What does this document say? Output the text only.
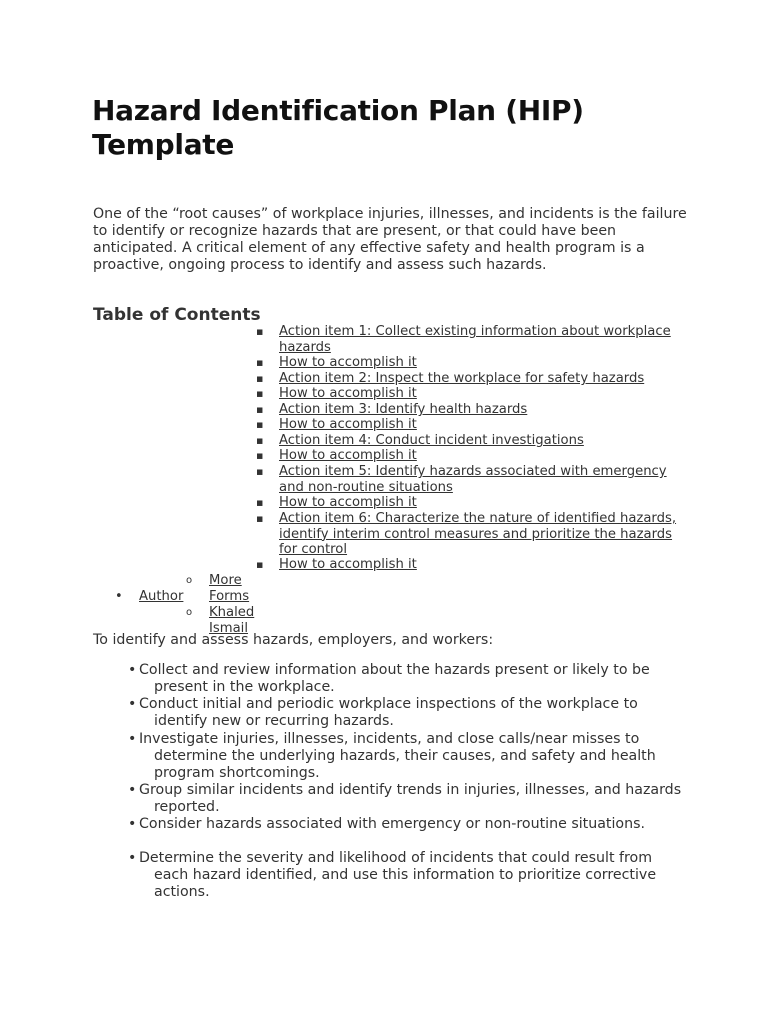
Hazard Identification Plan (HIP) Template

One of the “root causes” of workplace injuries, illnesses, and incidents is the failure to identify or recognize hazards that are present, or that could have been anticipated. A critical element of any effective safety and health program is a proactive, ongoing process to identify and assess such hazards.

Table of Contents
▪ Action item 1: Collect existing information about workplace hazards
▪ How to accomplish it
▪ Action item 2: Inspect the workplace for safety hazards
▪ How to accomplish it
▪ Action item 3: Identify health hazards
▪ How to accomplish it
▪ Action item 4: Conduct incident investigations
▪ How to accomplish it
▪ Action item 5: Identify hazards associated with emergency and non-routine situations
▪ How to accomplish it
▪ Action item 6: Characterize the nature of identified hazards, identify interim control measures and prioritize the hazards for control
▪ How to accomplish it
o More Forms
• Author
o Khaled Ismail

To identify and assess hazards, employers, and workers:

• Collect and review information about the hazards present or likely to be present in the workplace.
• Conduct initial and periodic workplace inspections of the workplace to identify new or recurring hazards.
• Investigate injuries, illnesses, incidents, and close calls/near misses to determine the underlying hazards, their causes, and safety and health program shortcomings.
• Group similar incidents and identify trends in injuries, illnesses, and hazards reported.
• Consider hazards associated with emergency or non-routine situations.
• Determine the severity and likelihood of incidents that could result from each hazard identified, and use this information to prioritize corrective actions.
